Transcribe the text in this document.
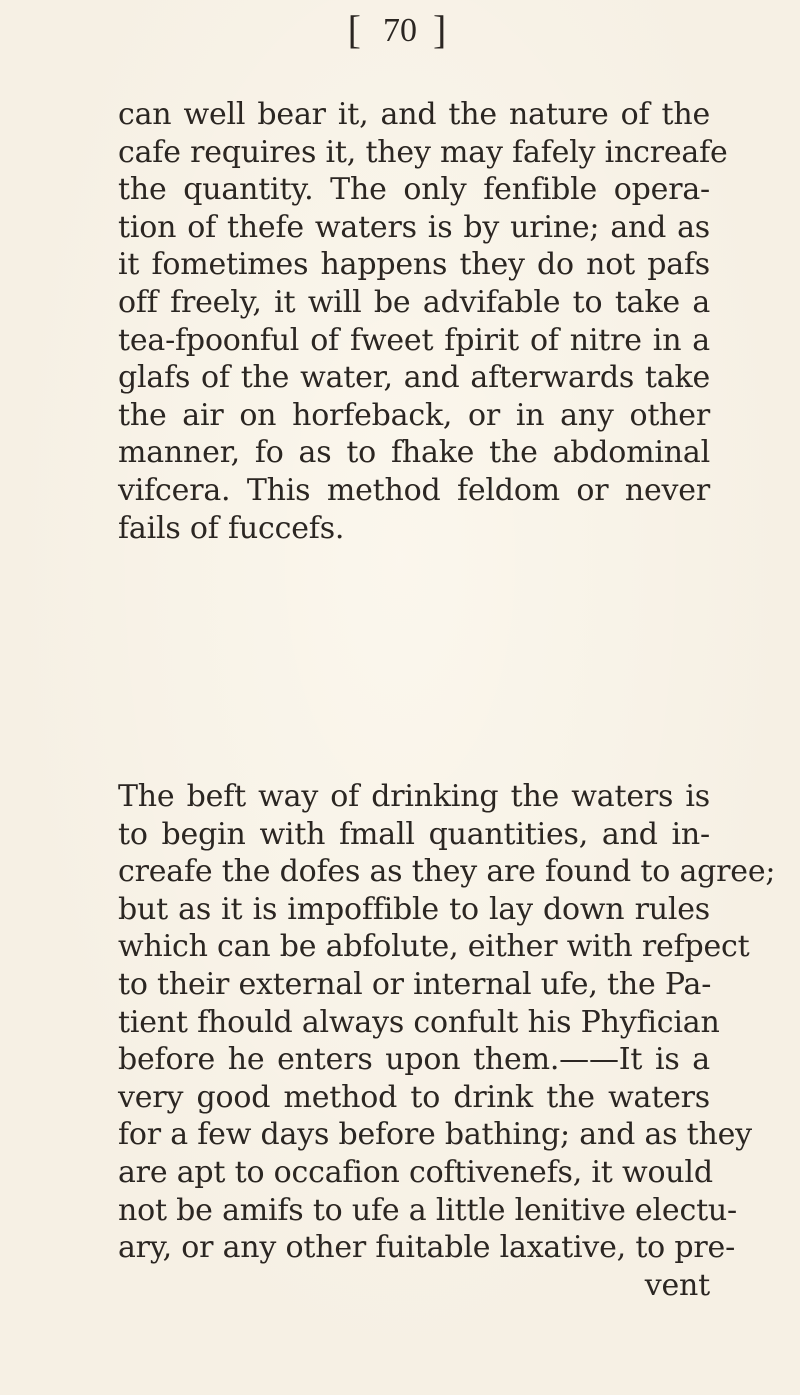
[ 70 ]
can well bear it, and the nature of the
cafe requires it, they may fafely increafe
the quantity. The only fenfible opera-
tion of thefe waters is by urine; and as
it fometimes happens they do not pafs
off freely, it will be advifable to take a
tea-fpoonful of fweet fpirit of nitre in a
glafs of the water, and afterwards take
the air on horfeback, or in any other
manner, fo as to fhake the abdominal
vifcera. This method feldom or never
fails of fuccefs.
The beft way of drinking the waters is
to begin with fmall quantities, and in-
creafe the dofes as they are found to agree;
but as it is impoffible to lay down rules
which can be abfolute, either with refpect
to their external or internal ufe, the Pa-
tient fhould always confult his Phyfician
before he enters upon them.——It is a
very good method to drink the waters
for a few days before bathing; and as they
are apt to occafion coftivenefs, it would
not be amifs to ufe a little lenitive electu-
ary, or any other fuitable laxative, to pre-
vent
